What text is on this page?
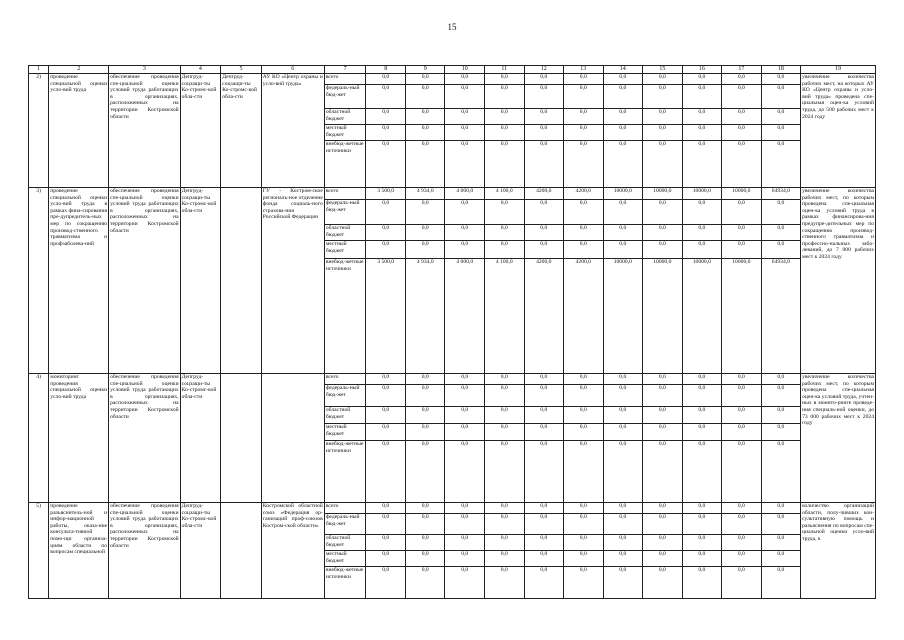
15
1	2	3	4	5	6	7	8	9	10	11	12	13	14	15	16	17	18	19
2)	проведение специальной оценки усло-вий труда	обеспечение проведения спе-циальной оценки условий труда работающих в организациях, расположенных на территории Костромской области	Депгруд-соцзащи-ты Ко-стромс-кой обла-сти	Депгруд-соцзащи-ты Ко-стромс-кой обла-сти	АУ КО «Центр охраны и усло-вий труда»	всего	0,0	0,0	0,0	0,0	0,0	0,0	0,0	0,0	0,0	0,0	0,0	увеличение количества рабочих мест, на которых АУ КО «Центр охраны и усло-вий труда» проведена спе-циальная оцен-ка условий труда, до 500 рабочих мест к 2024 году
						федераль-ный бюд-жет	0,0	0,0	0,0	0,0	0,0	0,0	0,0	0,0	0,0	0,0	0,0	
						областной бюджет	0,0	0,0	0,0	0,0	0,0	0,0	0,0	0,0	0,0	0,0	0,0	
						местный бюджет	0,0	0,0	0,0	0,0	0,0	0,0	0,0	0,0	0,0	0,0	0,0	
						внебюд-жетные источники	0,0	0,0	0,0	0,0	0,0	0,0	0,0	0,0	0,0	0,0	0,0	
3)	проведение специальной оценки усло-вий труда в рамках фина-сирования пре-дупредитель-ных мер по сокращению производ-ственного травматизма и профзаболева-ний	обеспечение проведения спе-циальной оценки условий труда работающих в организациях, расположенных на территории Костромской области	Депгруд-соцзащи-ты Ко-стромс-кой обла-сти		ГУ - Костром-ское региональ-ное отделение фонда социаль-ного страхова-ния Российской Федерации	всего	3 500,0	4 934,0	4 000,0	4 100,0	4200,0	4200,0	10000,0	10000,0	10000,0	10000,0	64934,0	увеличение количества рабочих мест, по которым проведена спе-циальная оцен-ка условий труда в рамках финансирова-ния предупре-дительных мер по сокращению производ-ственного травматизма и профессио-нальных забо-леваний, до 7 000 рабочих мест к 2024 году
						федераль-ный бюд-жет	0,0	0,0	0,0	0,0	0,0	0,0	0,0	0,0	0,0	0,0	0,0	
						областной бюджет	0,0	0,0	0,0	0,0	0,0	0,0	0,0	0,0	0,0	0,0	0,0	
						местный бюджет	0,0	0,0	0,0	0,0	0,0	0,0	0,0	0,0	0,0	0,0	0,0	
						внебюд-жетные источники	3 500,0	4 934,0	4 000,0	4 100,0	4200,0	4200,0	10000,0	10000,0	10000,0	10000,0	64934,0	
4)	мониторинг проведения специальной оценки усло-вий труда	обеспечение проведения спе-циальной оценки условий труда работающих в организациях, расположенных на территории Костромской области	Депгруд-соцзащи-ты Ко-стромс-кой обла-сти			всего	0,0	0,0	0,0	0,0	0,0	0,0	0,0	0,0	0,0	0,0	0,0	увеличение количества рабочих мест, по которым проведена спе-циальная оцен-ка условий труда, учтен-ных в монито-ринге проведе-ния специаль-ной оценки, до 73 000 рабочих мест к 2024 году
						федераль-ный бюд-жет	0,0	0,0	0,0	0,0	0,0	0,0	0,0	0,0	0,0	0,0	0,0	
						областной бюджет	0,0	0,0	0,0	0,0	0,0	0,0	0,0	0,0	0,0	0,0	0,0	
						местный бюджет	0,0	0,0	0,0	0,0	0,0	0,0	0,0	0,0	0,0	0,0	0,0	
						внебюд-жетные источники	0,0	0,0	0,0	0,0	0,0	0,0	0,0	0,0	0,0	0,0	0,0	
5)	проведение разъяснитель-ной и инфор-мационной работы, оказа-ние консульта-тивной помо-щи организа-циям области по вопросам специальной	обеспечение проведения спе-циальной оценки условий труда работающих в организациях, расположенных на территории Костромской области	Депгруд-соцзащи-ты Ко-стромс-кой обла-сти		Костромской областной союз «Федерация ор-ганизаций проф-союзов Костром-ской области»	всего	0,0	0,0	0,0	0,0	0,0	0,0	0,0	0,0	0,0	0,0	0,0	количество организаций области, полу-чивших кон-сультативную помощь и разъяснения по вопросам спе-циальной оценки усло-вий труда, к
						федераль-ный бюд-жет	0,0	0,0	0,0	0,0	0,0	0,0	0,0	0,0	0,0	0,0	0,0	
						областной бюджет	0,0	0,0	0,0	0,0	0,0	0,0	0,0	0,0	0,0	0,0	0,0	
						местный бюджет	0,0	0,0	0,0	0,0	0,0	0,0	0,0	0,0	0,0	0,0	0,0	
						внебюд-жетные источники	0,0	0,0	0,0	0,0	0,0	0,0	0,0	0,0	0,0	0,0	0,0	
